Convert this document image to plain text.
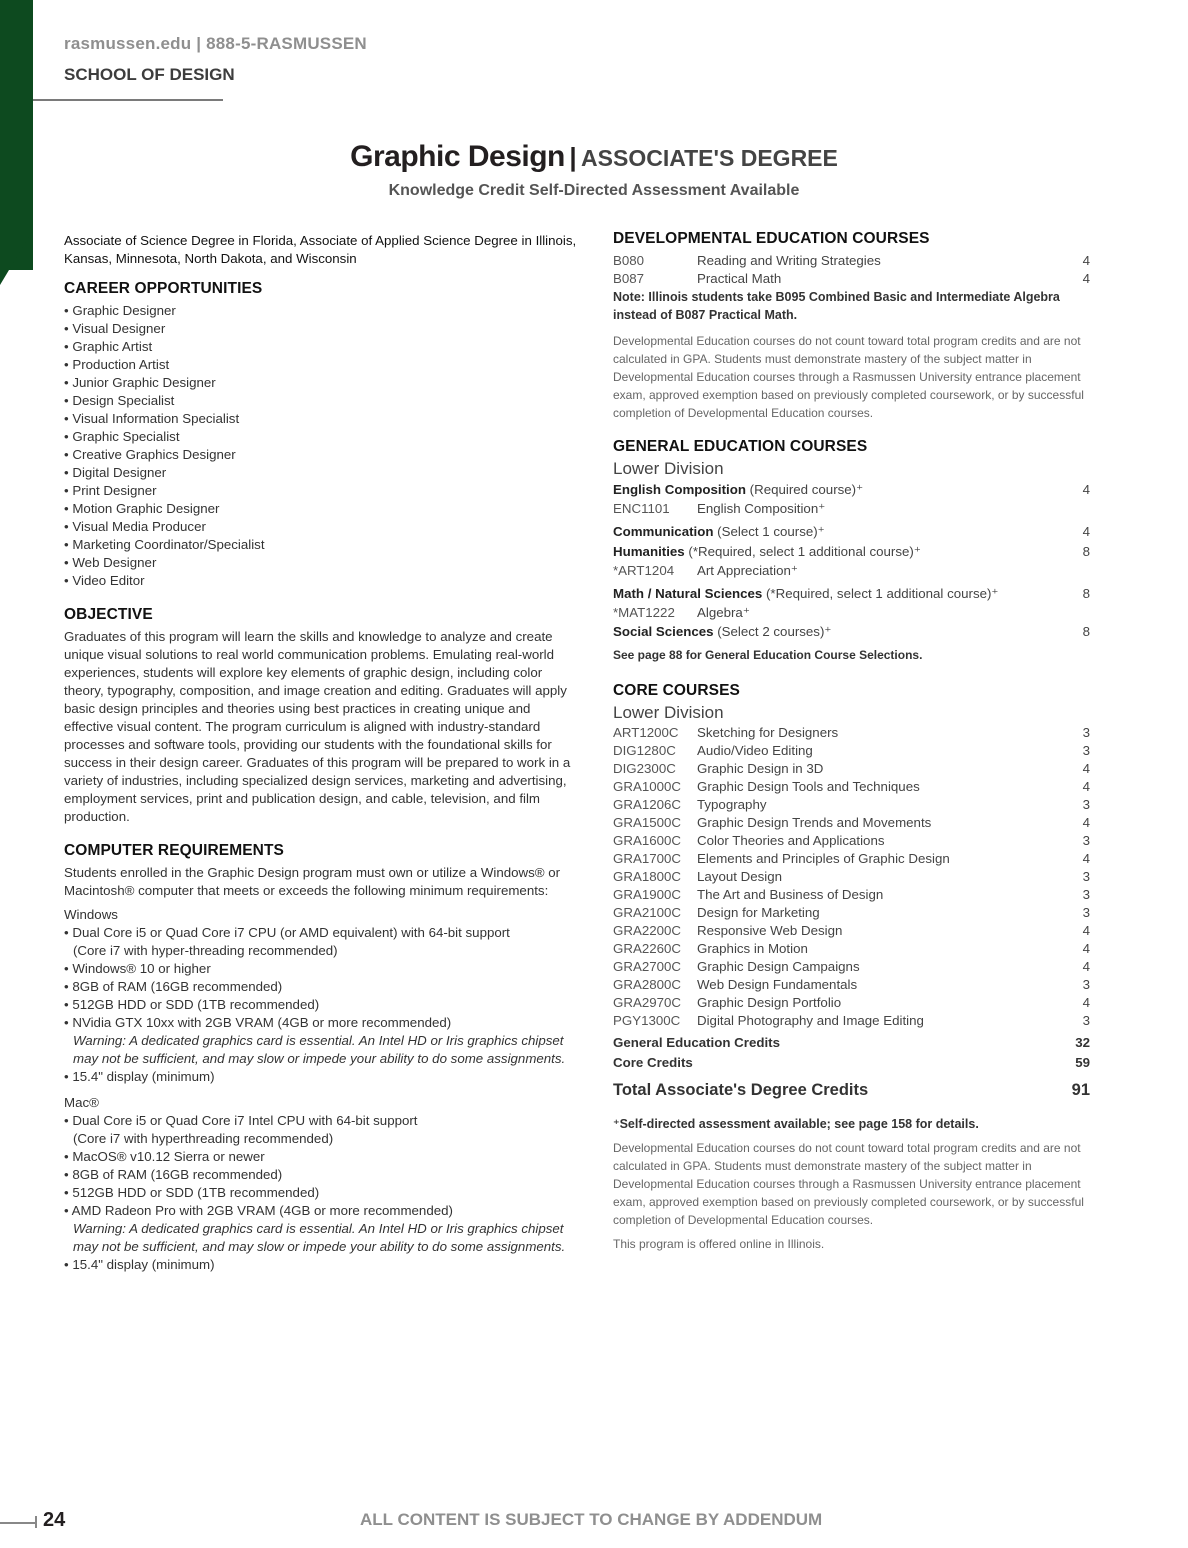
rasmussen.edu | 888-5-RASMUSSEN
SCHOOL OF DESIGN
Graphic Design | ASSOCIATE'S DEGREE
Knowledge Credit Self-Directed Assessment Available

Associate of Science Degree in Florida, Associate of Applied Science Degree in Illinois, Kansas, Minnesota, North Dakota, and Wisconsin

CAREER OPPORTUNITIES
• Graphic Designer
• Visual Designer
• Graphic Artist
• Production Artist
• Junior Graphic Designer
• Design Specialist
• Visual Information Specialist
• Graphic Specialist
• Creative Graphics Designer
• Digital Designer
• Print Designer
• Motion Graphic Designer
• Visual Media Producer
• Marketing Coordinator/Specialist
• Web Designer
• Video Editor
OBJECTIVE

Graduates of this program will learn the skills and knowledge to analyze and create unique visual solutions to real world communication problems. Emulating real-world experiences, students will explore key elements of graphic design, including color theory, typography, composition, and image creation and editing. Graduates will apply basic design principles and theories using best practices in creating unique and effective visual content. The program curriculum is aligned with industry-standard processes and software tools, providing our students with the foundational skills for success in their design career. Graduates of this program will be prepared to work in a variety of industries, including specialized design services, marketing and advertising, employment services, print and publication design, and cable, television, and film production.

COMPUTER REQUIREMENTS

Students enrolled in the Graphic Design program must own or utilize a Windows® or Macintosh® computer that meets or exceeds the following minimum requirements:

Windows

• Dual Core i5 or Quad Core i7 CPU (or AMD equivalent) with 64-bit support
(Core i7 with hyper-threading recommended)
• Windows® 10 or higher
• 8GB of RAM (16GB recommended)
• 512GB HDD or SDD (1TB recommended)
• NVidia GTX 10xx with 2GB VRAM (4GB or more recommended)
Warning: A dedicated graphics card is essential. An Intel HD or Iris graphics chipset may not be sufficient, and may slow or impede your ability to do some assignments.
• 15.4" display (minimum)

Mac®

• Dual Core i5 or Quad Core i7 Intel CPU with 64-bit support
(Core i7 with hyperthreading recommended)
• MacOS® v10.12 Sierra or newer
• 8GB of RAM (16GB recommended)
• 512GB HDD or SDD (1TB recommended)
• AMD Radeon Pro with 2GB VRAM (4GB or more recommended)
Warning: A dedicated graphics card is essential. An Intel HD or Iris graphics chipset may not be sufficient, and may slow or impede your ability to do some assignments.
• 15.4" display (minimum)
DEVELOPMENTAL EDUCATION COURSES
B080	Reading and Writing Strategies	4
B087	Practical Math	4

Note: Illinois students take B095 Combined Basic and Intermediate Algebra instead of B087 Practical Math.

Developmental Education courses do not count toward total program credits and are not calculated in GPA. Students must demonstrate mastery of the subject matter in Developmental Education courses through a Rasmussen University entrance placement exam, approved exemption based on previously completed coursework, or by successful completion of Developmental Education courses.

GENERAL EDUCATION COURSES

Lower Division

English Composition (Required course)⁺	4
ENC1101	English Composition⁺
Communication (Select 1 course)⁺	4
Humanities (*Required, select 1 additional course)⁺	8
*ART1204	Art Appreciation⁺
Math / Natural Sciences (*Required, select 1 additional course)⁺	8
*MAT1222	Algebra⁺
Social Sciences (Select 2 courses)⁺	8

See page 88 for General Education Course Selections.

CORE COURSES

Lower Division

ART1200C	Sketching for Designers	3
DIG1280C	Audio/Video Editing	3
DIG2300C	Graphic Design in 3D	4
GRA1000C	Graphic Design Tools and Techniques	4
GRA1206C	Typography	3
GRA1500C	Graphic Design Trends and Movements	4
GRA1600C	Color Theories and Applications	3
GRA1700C	Elements and Principles of Graphic Design	4
GRA1800C	Layout Design	3
GRA1900C	The Art and Business of Design	3
GRA2100C	Design for Marketing	3
GRA2200C	Responsive Web Design	4
GRA2260C	Graphics in Motion	4
GRA2700C	Graphic Design Campaigns	4
GRA2800C	Web Design Fundamentals	3
GRA2970C	Graphic Design Portfolio	4
PGY1300C	Digital Photography and Image Editing	3
General Education Credits	32
Core Credits	59
Total Associate's Degree Credits	91

⁺Self-directed assessment available; see page 158 for details.

Developmental Education courses do not count toward total program credits and are not calculated in GPA. Students must demonstrate mastery of the subject matter in Developmental Education courses through a Rasmussen University entrance placement exam, approved exemption based on previously completed coursework, or by successful completion of Developmental Education courses.

This program is offered online in Illinois.

24	ALL CONTENT IS SUBJECT TO CHANGE BY ADDENDUM
